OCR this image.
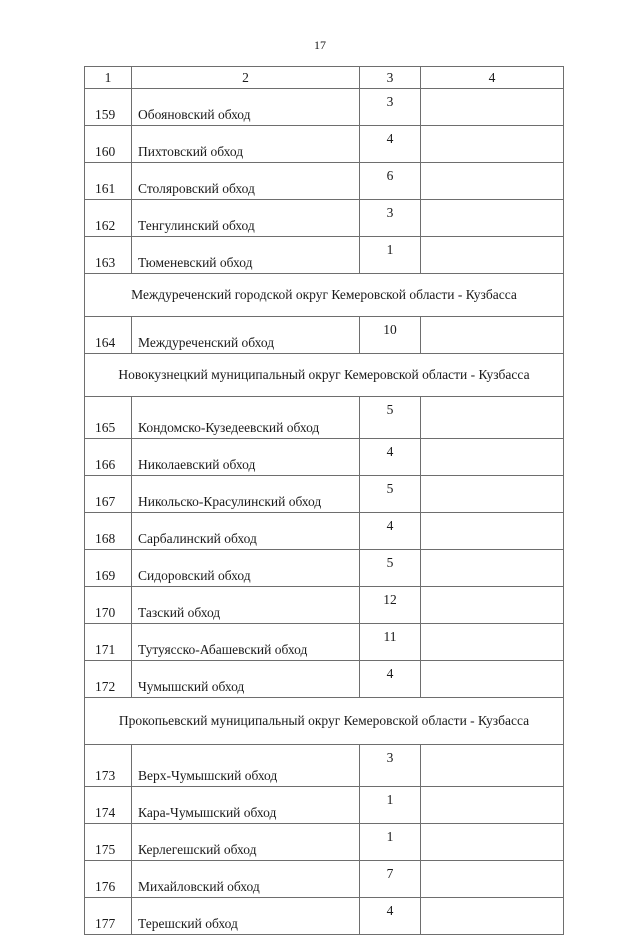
17
1	2	3	4
159	Обояновский обход	3	
160	Пихтовский обход	4	
161	Столяровский обход	6	
162	Тенгулинский обход	3	
163	Тюменевский обход	1	
Междуреченский городской округ Кемеровской области - Кузбасса			
164	Междуреченский обход	10	
Новокузнецкий муниципальный округ Кемеровской области - Кузбасса			
165	Кондомско-Кузедеевский обход	5	
166	Николаевский обход	4	
167	Никольско-Красулинский обход	5	
168	Сарбалинский обход	4	
169	Сидоровский обход	5	
170	Тазский обход	12	
171	Тутуясско-Абашевский обход	11	
172	Чумышский обход	4	
Прокопьевский муниципальный округ Кемеровской области - Кузбасса			
173	Верх-Чумышский обход	3	
174	Кара-Чумышский обход	1	
175	Керлегешский обход	1	
176	Михайловский обход	7	
177	Терешский обход	4	
